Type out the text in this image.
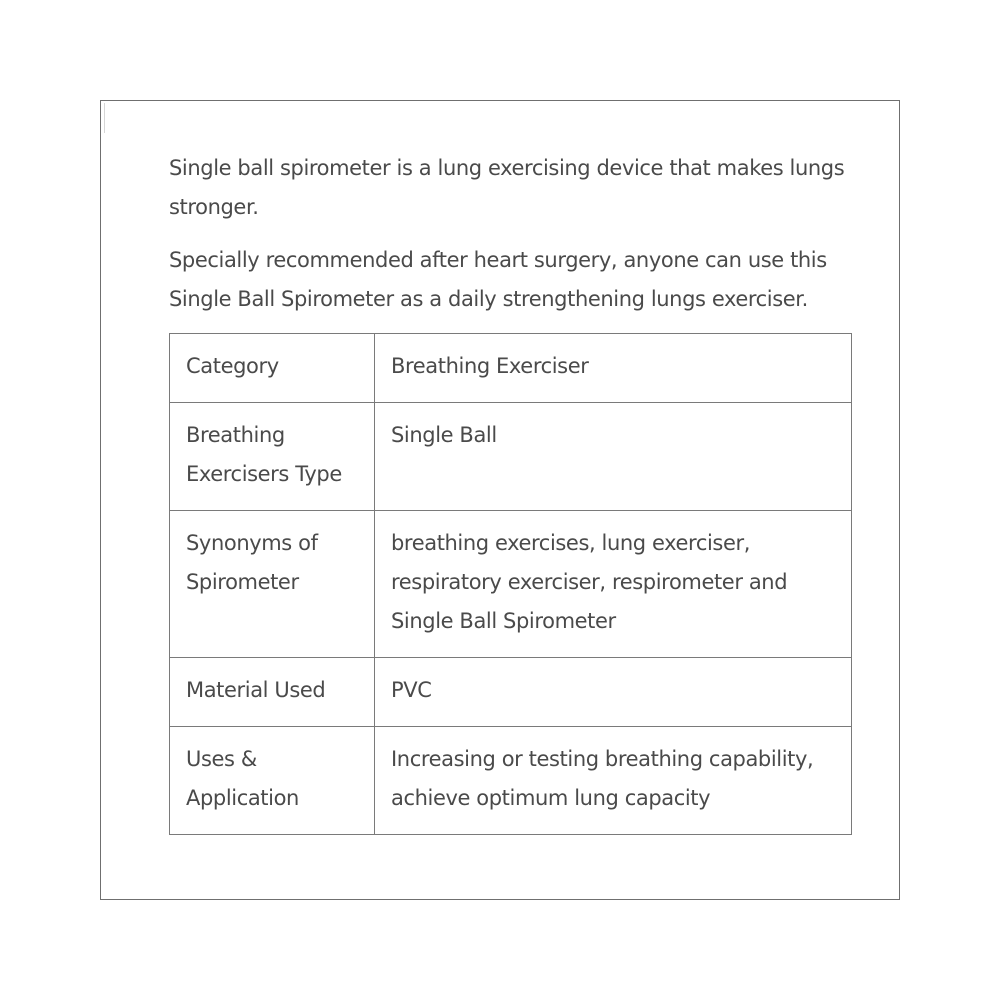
Single ball spirometer is a lung exercising device that makes lungs stronger.

Specially recommended after heart surgery, anyone can use this Single Ball Spirometer as a daily strengthening lungs exerciser.

Category	Breathing Exerciser
Breathing Exercisers Type	Single Ball
Synonyms of Spirometer	breathing exercises, lung exerciser, respiratory exerciser, respirometer and Single Ball Spirometer
Material Used	PVC
Uses & Application	Increasing or testing breathing capability, achieve optimum lung capacity
